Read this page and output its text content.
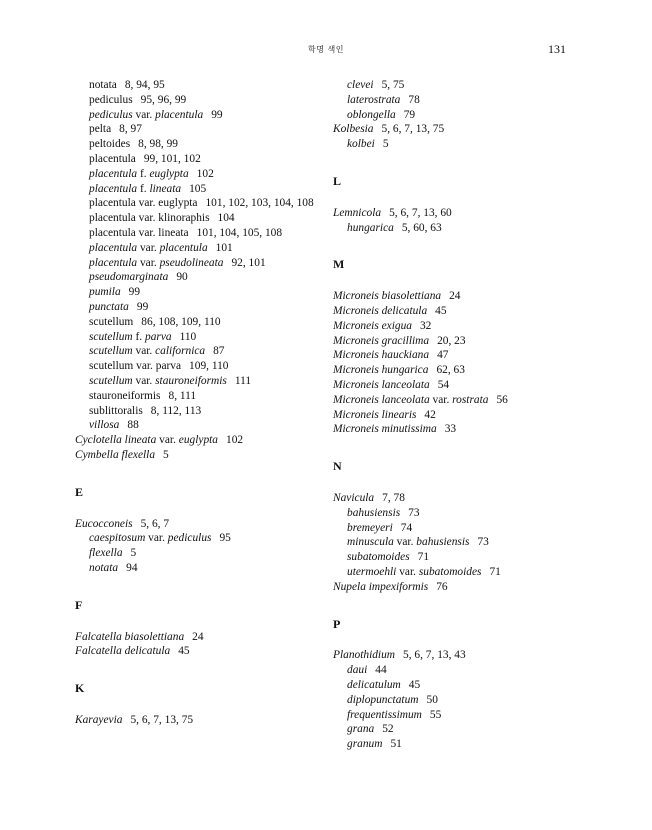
학명 색인	131
notata 8, 94, 95
pediculus 95, 96, 99
pediculus var. placentula 99
pelta 8, 97
peltoides 8, 98, 99
placentula 99, 101, 102
placentula f. euglypta 102
placentula f. lineata 105
placentula var. euglypta 101, 102, 103, 104, 108
placentula var. klinoraphis 104
placentula var. lineata 101, 104, 105, 108
placentula var. placentula 101
placentula var. pseudolineata 92, 101
pseudomarginata 90
pumila 99
punctata 99
scutellum 86, 108, 109, 110
scutellum f. parva 110
scutellum var. californica 87
scutellum var. parva 109, 110
scutellum var. stauroneiformis 111
stauroneiformis 8, 111
sublittoralis 8, 112, 113
villosa 88
Cyclotella lineata var. euglypta 102
Cymbella flexella 5
E
Eucocconeis 5, 6, 7
caespitosum var. pediculus 95
flexella 5
notata 94
F
Falcatella biasolettiana 24
Falcatella delicatula 45
K
Karayevia 5, 6, 7, 13, 75
clevei 5, 75
laterostrata 78
oblongella 79
Kolbesia 5, 6, 7, 13, 75
kolbei 5
L
Lemnicola 5, 6, 7, 13, 60
hungarica 5, 60, 63
M
Microneis biasolettiana 24
Microneis delicatula 45
Microneis exigua 32
Microneis gracillima 20, 23
Microneis hauckiana 47
Microneis hungarica 62, 63
Microneis lanceolata 54
Microneis lanceolata var. rostrata 56
Microneis linearis 42
Microneis minutissima 33
N
Navicula 7, 78
bahusiensis 73
bremeyeri 74
minuscula var. bahusiensis 73
subatomoides 71
utermoehli var. subatomoides 71
Nupela impexiformis 76
P
Planothidium 5, 6, 7, 13, 43
daui 44
delicatulum 45
diplopunctatum 50
frequentissimum 55
grana 52
granum 51
